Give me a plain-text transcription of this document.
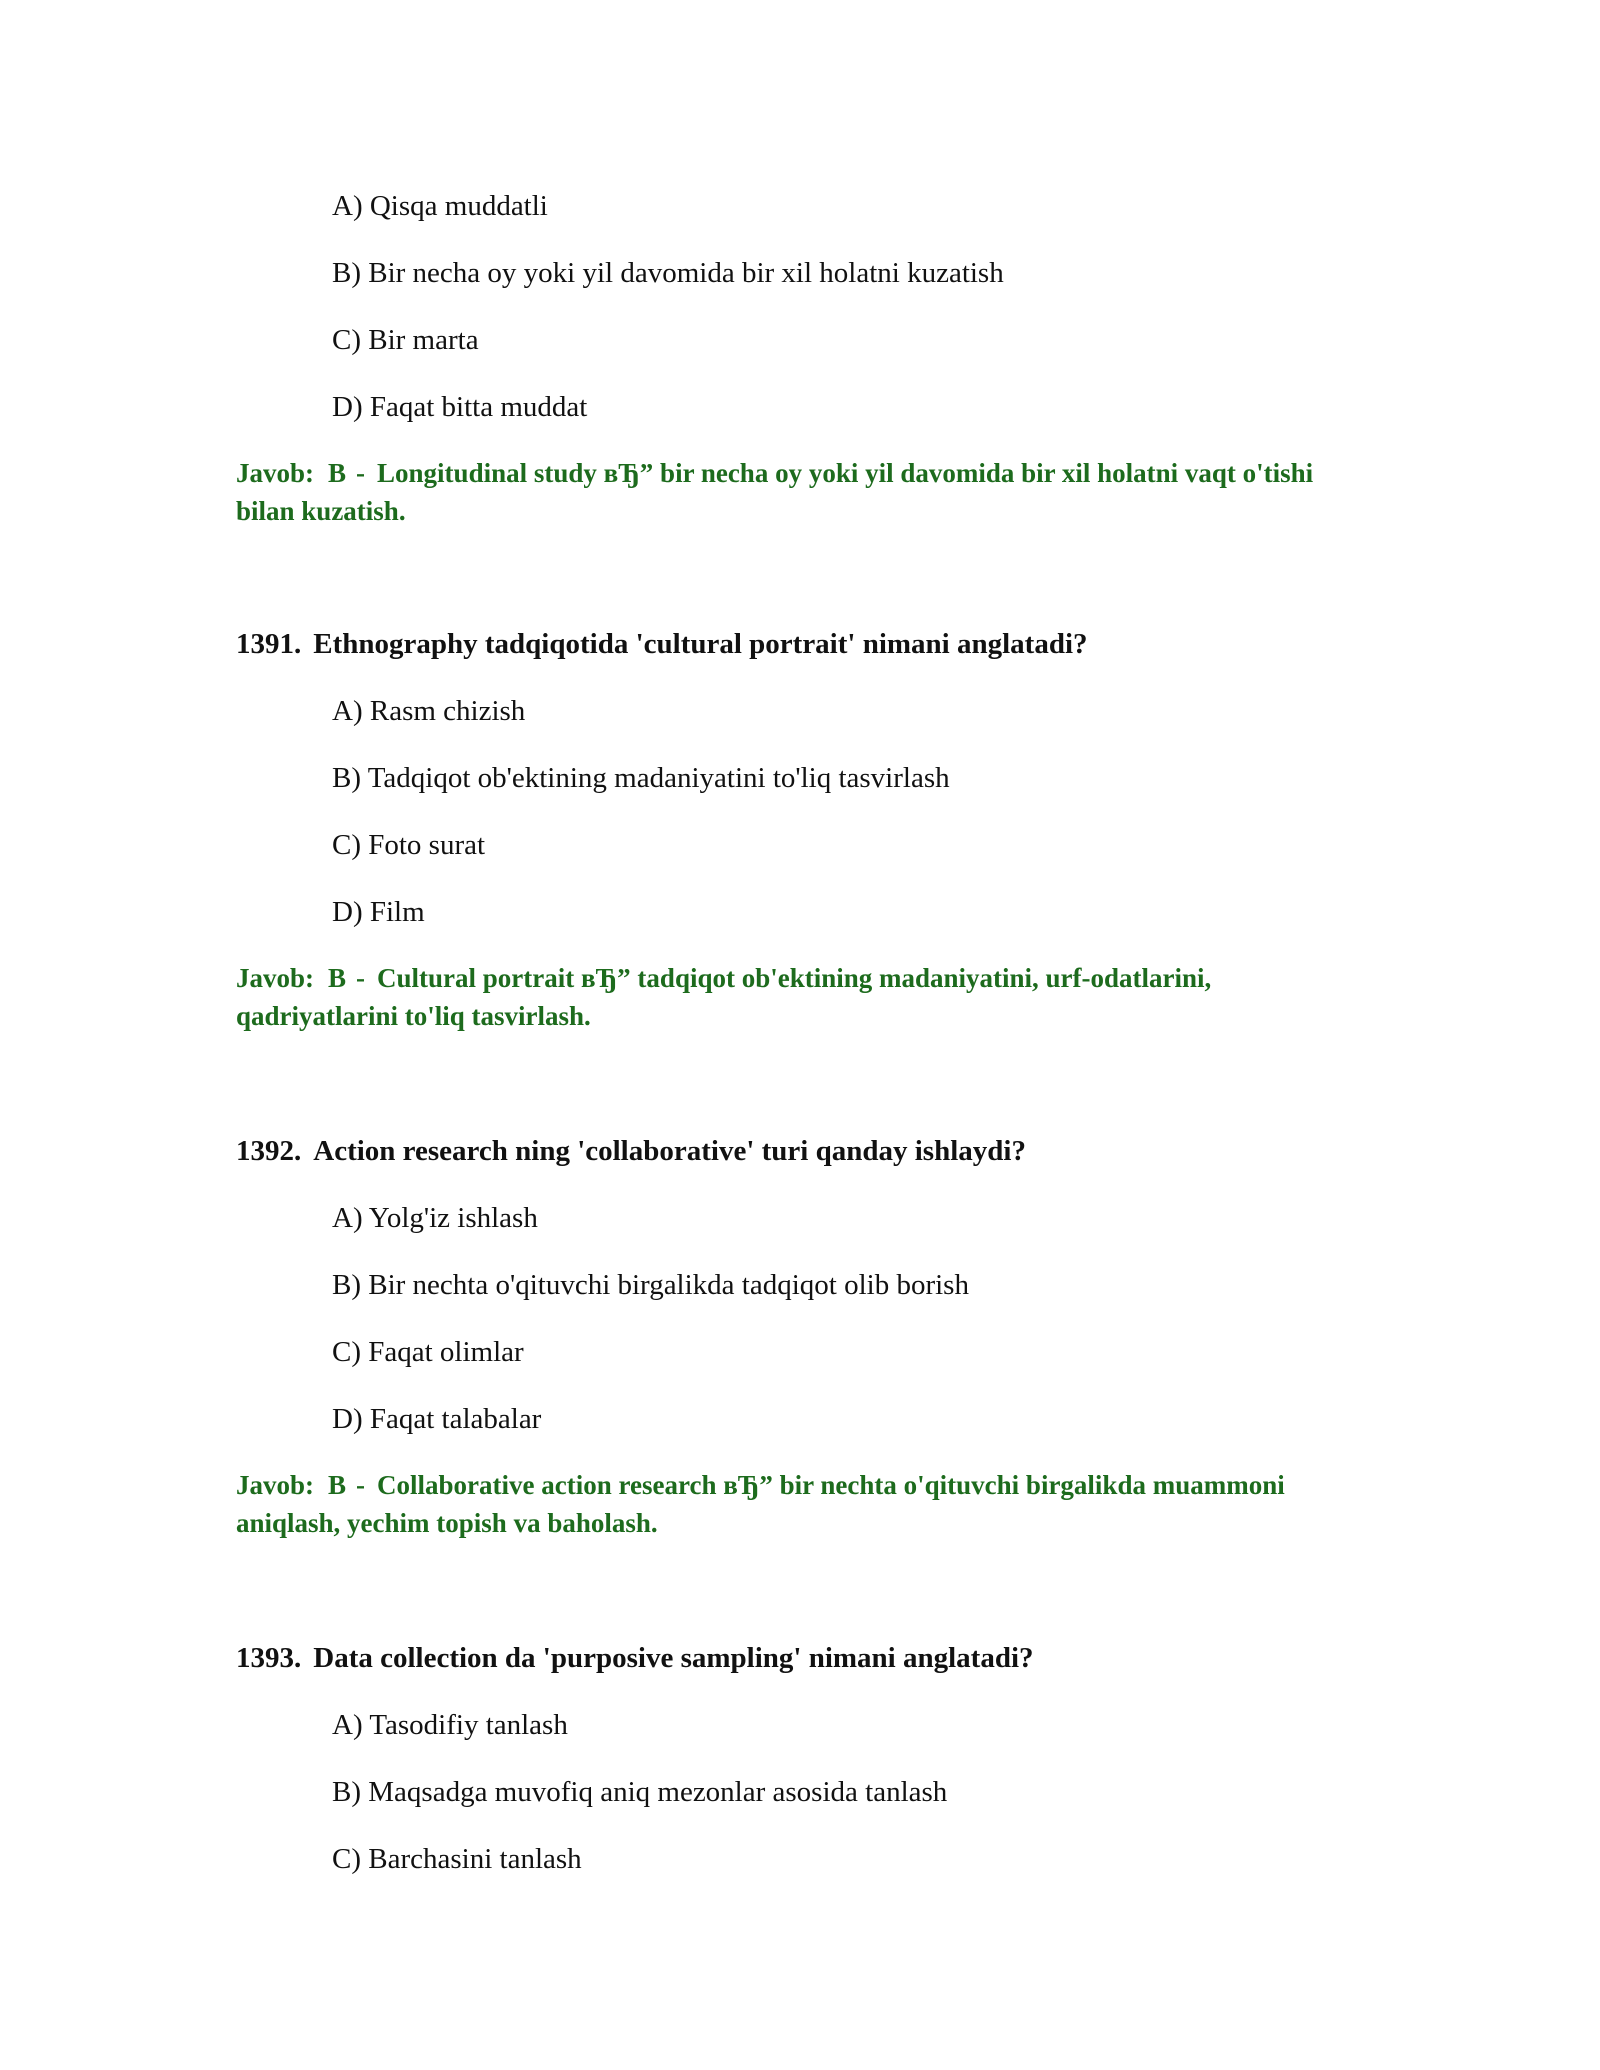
A) Qisqa muddatli

B) Bir necha oy yoki yil davomida bir xil holatni kuzatish

C) Bir marta

D) Faqat bitta muddat

Javob: B - Longitudinal study вЂ” bir necha oy yoki yil davomida bir xil holatni vaqt o'tishi bilan kuzatish.

1391. Ethnography tadqiqotida 'cultural portrait' nimani anglatadi?

A) Rasm chizish

B) Tadqiqot ob'ektining madaniyatini to'liq tasvirlash

C) Foto surat

D) Film

Javob: B - Cultural portrait вЂ” tadqiqot ob'ektining madaniyatini, urf-odatlarini, qadriyatlarini to'liq tasvirlash.

1392. Action research ning 'collaborative' turi qanday ishlaydi?

A) Yolg'iz ishlash

B) Bir nechta o'qituvchi birgalikda tadqiqot olib borish

C) Faqat olimlar

D) Faqat talabalar

Javob: B - Collaborative action research вЂ” bir nechta o'qituvchi birgalikda muammoni aniqlash, yechim topish va baholash.

1393. Data collection da 'purposive sampling' nimani anglatadi?

A) Tasodifiy tanlash

B) Maqsadga muvofiq aniq mezonlar asosida tanlash

C) Barchasini tanlash
